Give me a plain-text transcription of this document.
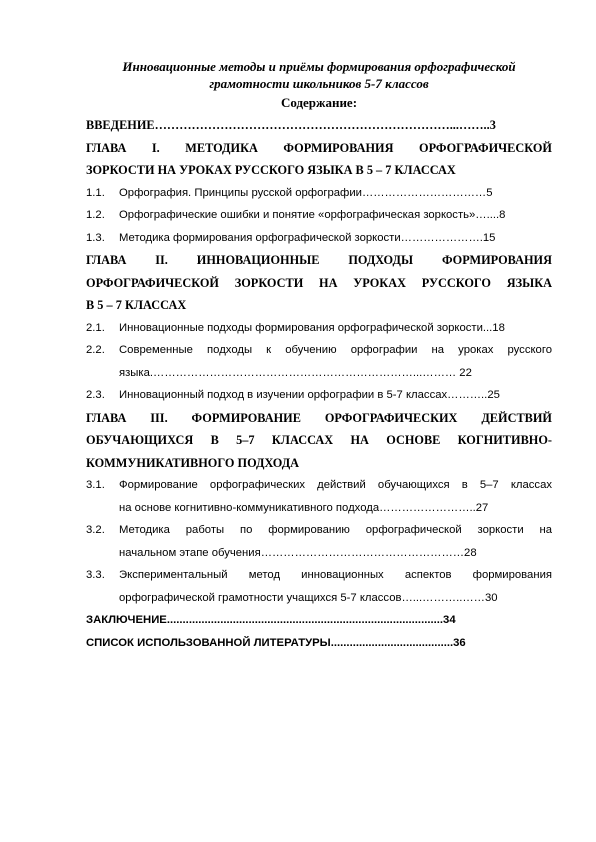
Инновационные методы и приёмы формирования орфографической

грамотности школьников 5-7 классов

Содержание:

ВВЕДЕНИЕ………………………………………………………………...……..3
ГЛАВА I. МЕТОДИКА ФОРМИРОВАНИЯ ОРФОГРАФИЧЕСКОЙ
ЗОРКОСТИ НА УРОКАХ РУССКОГО ЯЗЫКА В 5 – 7 КЛАССАХ
1.1.	Орфография. Принципы русской орфографии……………………………5
1.2.	Орфографические ошибки и понятие «орфографическая зоркость»…....8
1.3.	Методика формирования орфографической зоркости………………….15
ГЛАВА II. ИННОВАЦИОННЫЕ ПОДХОДЫ ФОРМИРОВАНИЯ
ОРФОГРАФИЧЕСКОЙ ЗОРКОСТИ НА УРОКАХ РУССКОГО ЯЗЫКА
В 5 – 7 КЛАССАХ
2.1.	Инновационные подходы формирования орфографической зоркости...18
2.2.	Современные подходы к обучению орфографии на уроках русского
языка.……………………………………………………………...……… 22
2.3.	Инновационный подход в изучении орфографии в 5-7 классах………..25
ГЛАВА III. ФОРМИРОВАНИЕ ОРФОГРАФИЧЕСКИХ ДЕЙСТВИЙ
ОБУЧАЮЩИХСЯ В 5–7 КЛАССАХ НА ОСНОВЕ КОГНИТИВНО-
КОММУНИКАТИВНОГО ПОДХОДА
3.1.	Формирование орфографических действий обучающихся в 5–7 классах
на основе когнитивно-коммуникативного подхода……………………..27
3.2.	Методика работы по формированию орфографической зоркости на
начальном этапе обучения………………………………………………28
3.3.	Экспериментальный метод инновационных аспектов формирования
орфографической грамотности учащихся 5-7 классов…...………..……30
ЗАКЛЮЧЕНИЕ........................................................................................34
СПИСОК ИСПОЛЬЗОВАННОЙ ЛИТЕРАТУРЫ.......................................36
